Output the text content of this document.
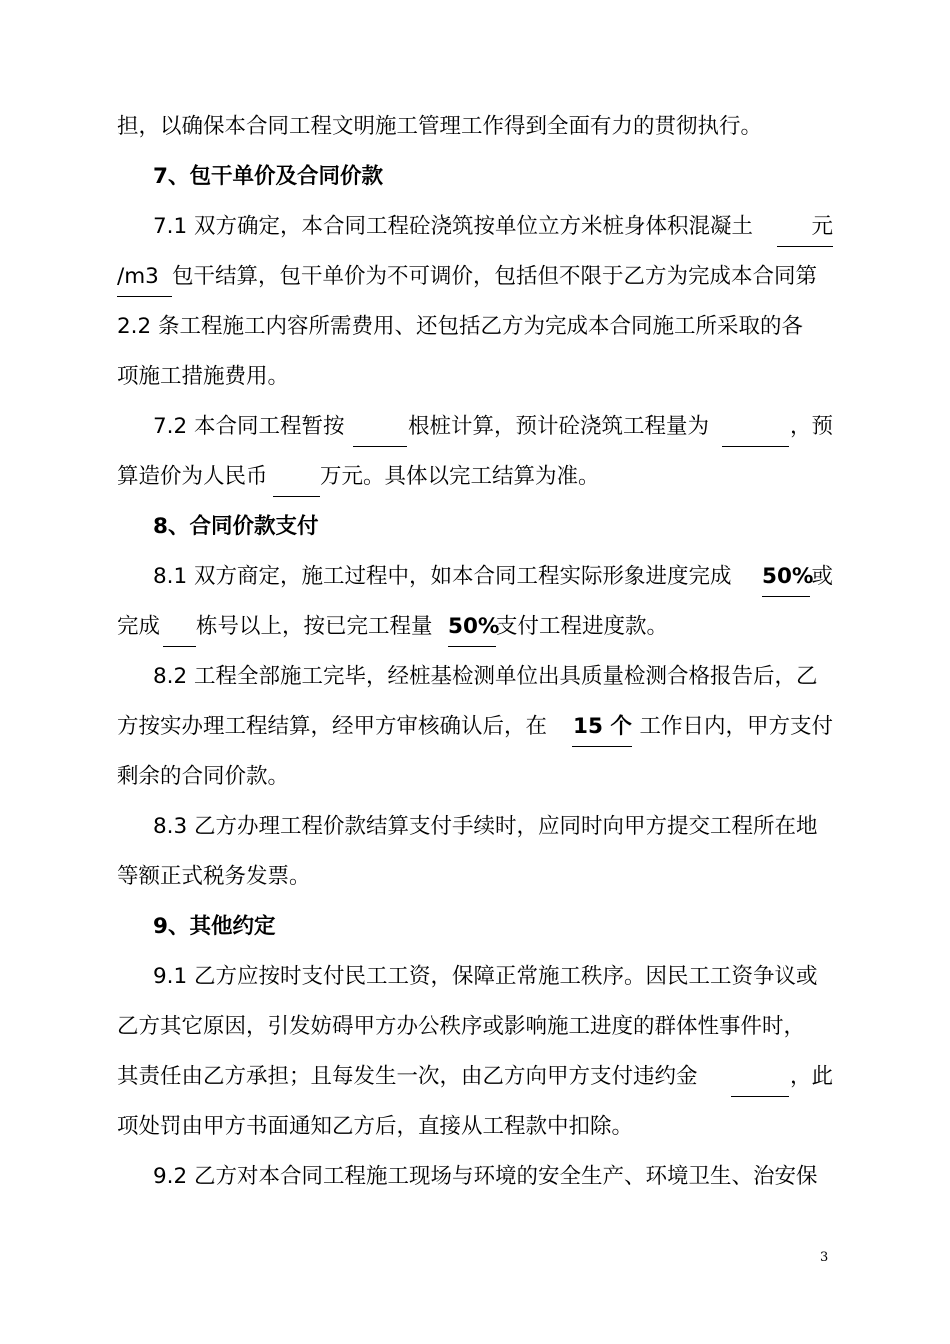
担，以确保本合同工程文明施工管理工作得到全面有力的贯彻执行。
7、包干单价及合同价款
7.1 双方确定，本合同工程砼浇筑按单位立方米桩身体积混凝土	元
/m3 包干结算，包干单价为不可调价，包括但不限于乙方为完成本合同第
2.2 条工程施工内容所需费用、还包括乙方为完成本合同施工所采取的各
项施工措施费用。
7.2 本合同工程暂按	根桩计算，预计砼浇筑工程量为	，预
算造价为人民币 万元。具体以完工结算为准。
8、合同价款支付
8.1 双方商定，施工过程中，如本合同工程实际形象进度完成 50%
或
完成 栋号以上，按已完工程量 50%
支付工程进度款。
8.2 工程全部施工完毕，经桩基检测单位出具质量检测合格报告后，乙
方按实办理工程结算，经甲方审核确认后，在 15 个 工作日内，甲方支付
剩余的合同价款。
8.3 乙方办理工程价款结算支付手续时，应同时向甲方提交工程所在地
等额正式税务发票。
9、其他约定
9.1 乙方应按时支付民工工资，保障正常施工秩序。因民工工资争议或
乙方其它原因，引发妨碍甲方办公秩序或影响施工进度的群体性事件时，
其责任由乙方承担；且每发生一次，由乙方向甲方支付违约金	，此
项处罚由甲方书面通知乙方后，直接从工程款中扣除。
9.2 乙方对本合同工程施工现场与环境的安全生产、环境卫生、治安保
3
